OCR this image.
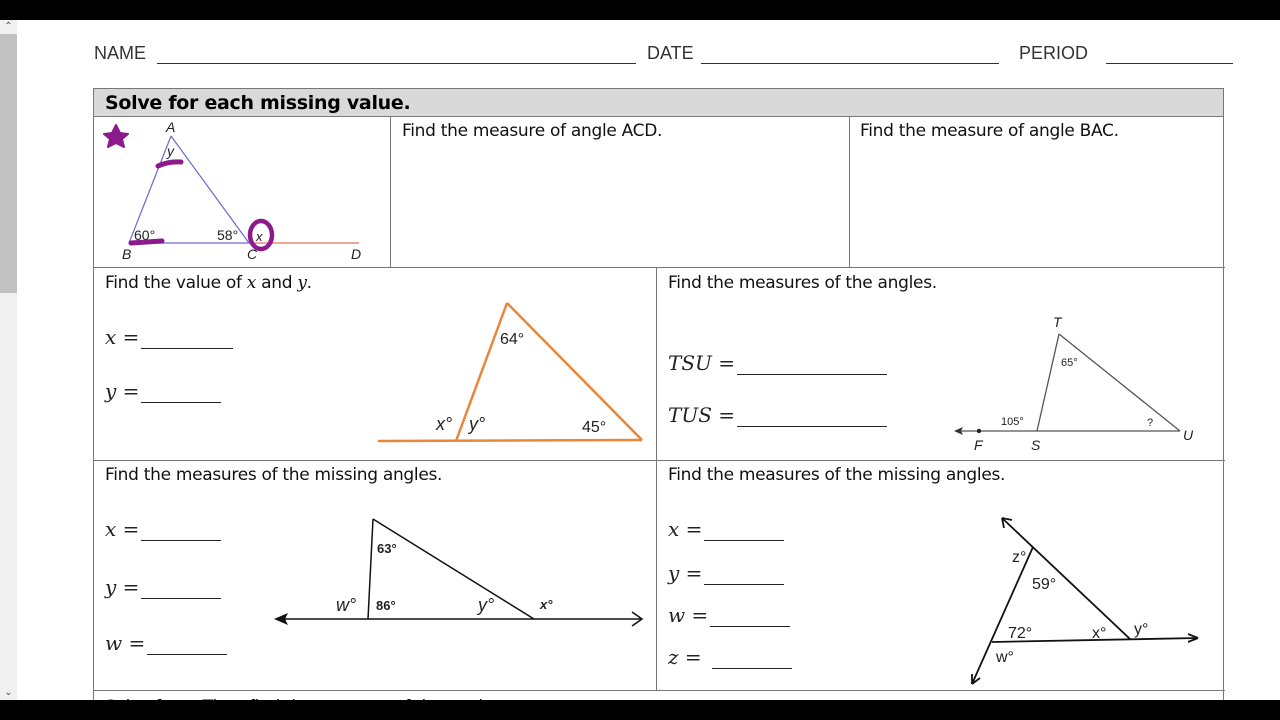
⌃
⌄
NAME	DATE	PERIOD
Solve for each missing value.
A
B	C	D
60°	58°
y
x
Find the measure of angle ACD.	Find the measure of angle BAC.
Find the value of x and y.
x =
y =
64°
45°
x° y°
Find the measures of the angles.
TSU =
TUS =
T
S
U
F
65°
105°	?
Find the measures of the missing angles.
x =
y =
w =
63°
86°
w°	y°	x°
Find the measures of the missing angles.
x =
y =
w =
z =
z°
59°
72°	x° y°
w°
